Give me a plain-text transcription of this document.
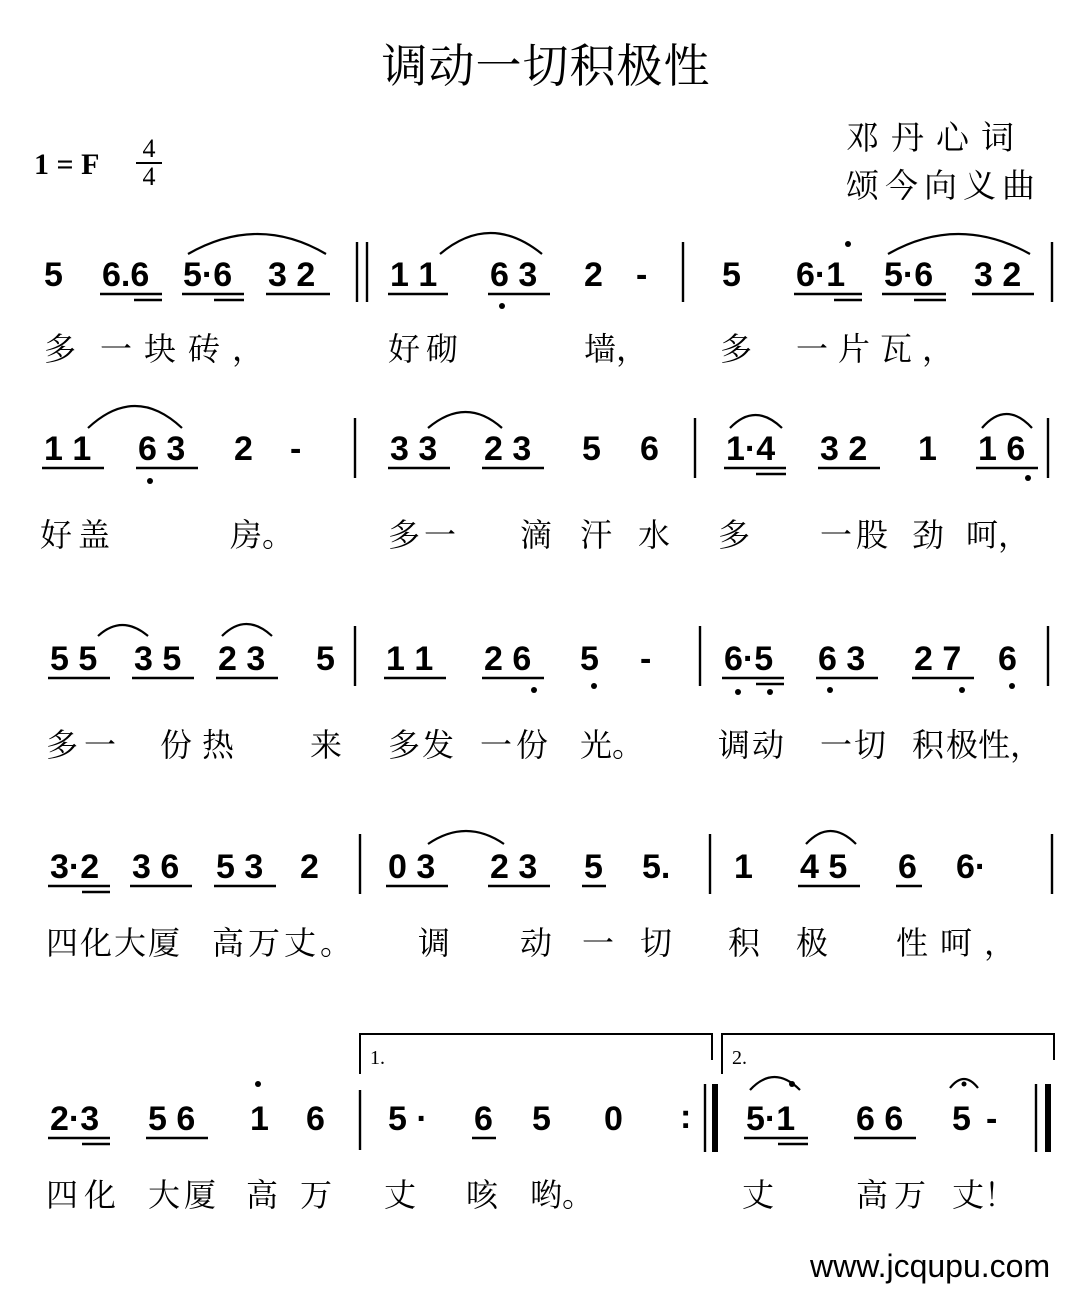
调动一切积极性
1 = F 4
4
邓丹心词
颂今向义曲
5 6.6 5·6 3 2 1 1 6 3 2 - 5 6·1 5·6 3 2
多 一块砖，	好砌	墙， 多 一片瓦，
1 1 6 3 2 -	3 3 2 3 5 6 1·4 3 2 1 1 6
好盖	房。	多一 滴 汗 水 多 一股 劲 呵，
5 5 3 5 2 3 5 1 1 2 6 5 - 6·5 6 3 2 7 6
多一 份热 来 多发 一份 光。 调动 一切 积极
性，
3·2 3 6 5 3 2 0 3 2 3 5 5. 1 4 5 6 6·
四化大厦 高万丈。 调 动 一 切 积 极 性呵，
1.	2.
2·3 5 6 1 6 5 · 6 5 0 : 5·1 6 6 5 -
四化 大厦 高 万 丈 咳 哟。	丈	高万 丈！
www.jcqupu.com
